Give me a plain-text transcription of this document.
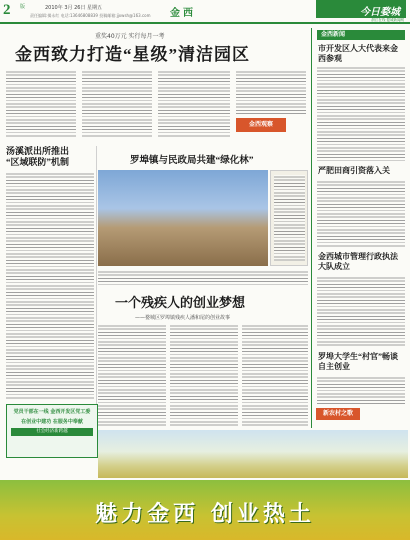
2 版	2010年 3月 26日 星期五
责任编辑:揭永红 电话:13646808839 投稿邮箱:jjxwsh@163.com 金西	今日婺城
浙江在线·婺城新闻网
重奖40万元 实行每月一考
金西致力打造“星级”清洁园区
金西观察
汤溪派出所推出
“区域联防”机制	罗埠镇与民政局共建“绿化林”
一个残疾人的创业梦想
——婺城区罗埠镇残疾人潘和尾的创业故事
党员干部在一线 金西开发区党工委
在创业中建功 在服务中奉献
社会经济新跨越
金西新闻
市开发区人大代表来金西参观
严肥田商引资落入关
金西城市管理行政执法大队成立
罗埠大学生“村官”畅谈自主创业
新农村之歌
魅力金西 创业热土
